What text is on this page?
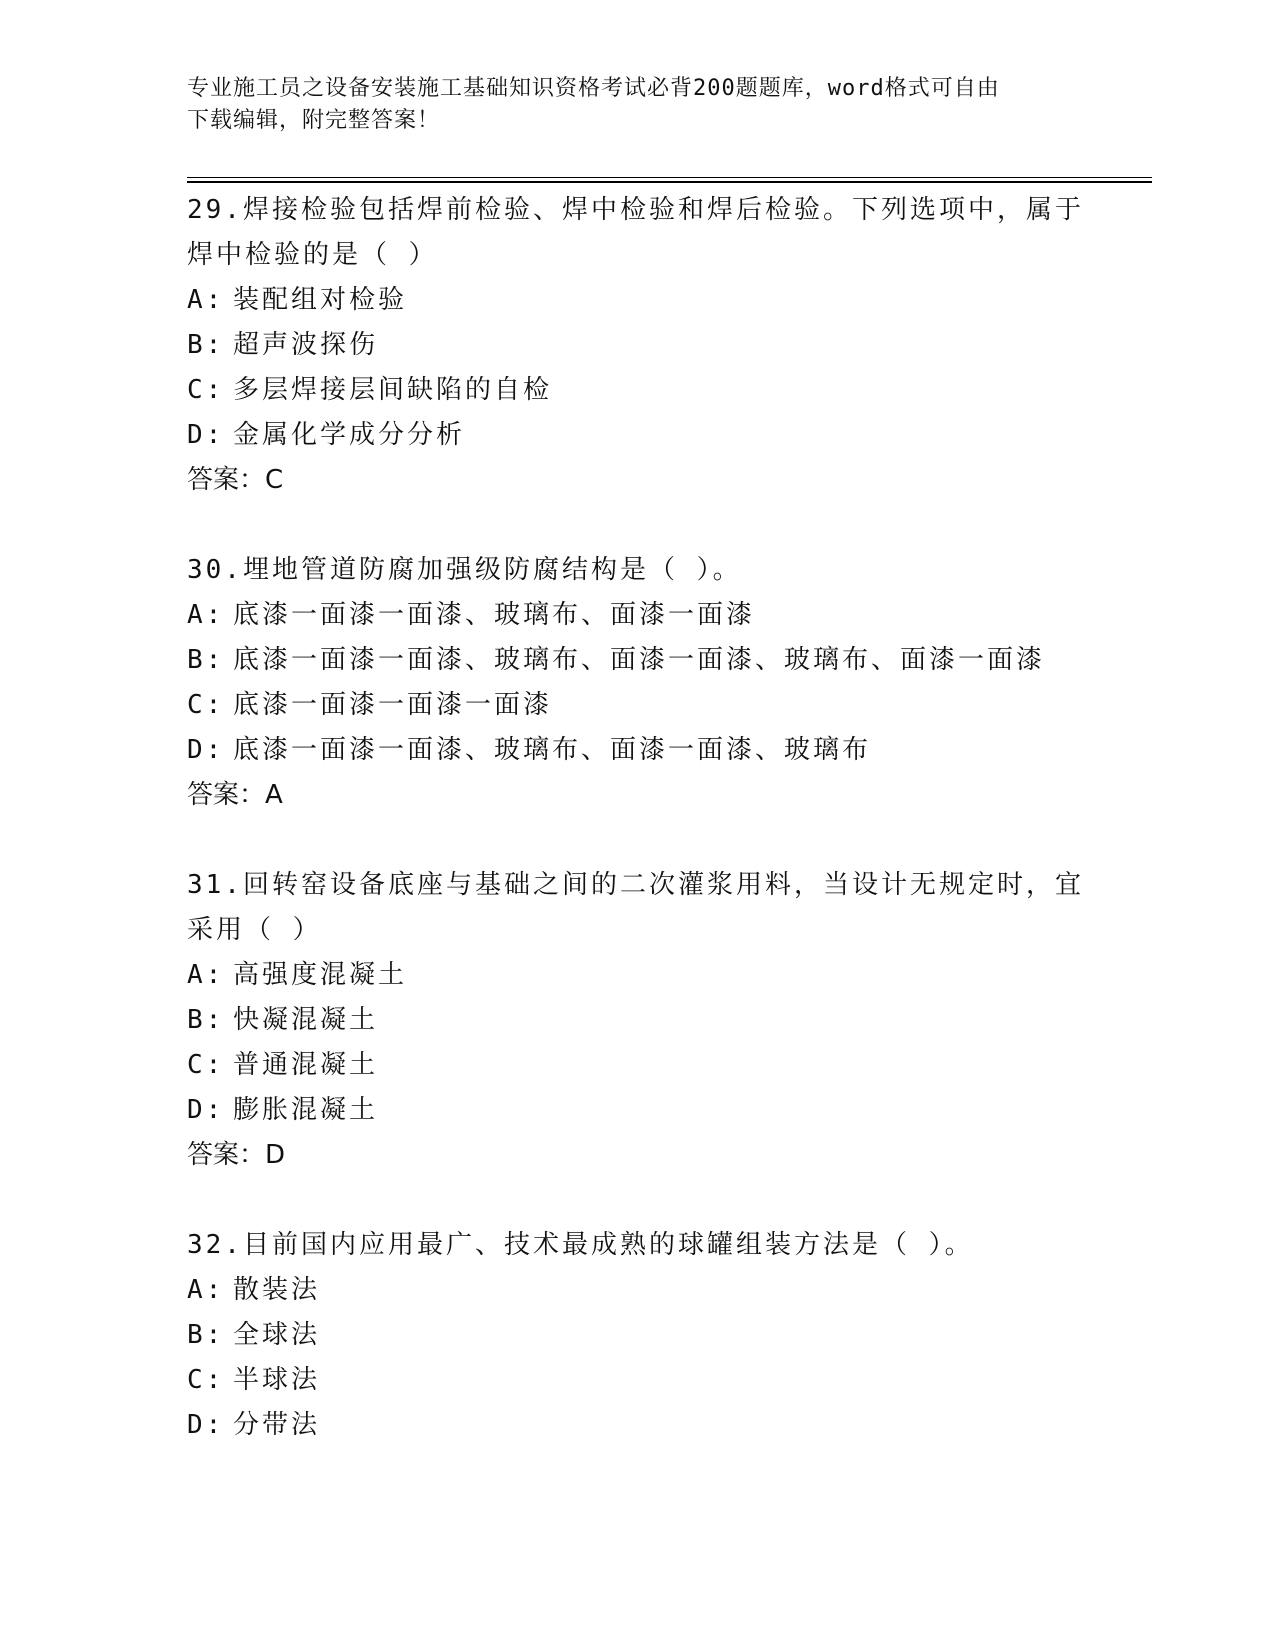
专业施工员之设备安装施工基础知识资格考试必背200题题库，word格式可自由
下载编辑，附完整答案！

29.焊接检验包括焊前检验、焊中检验和焊后检验。下列选项中，属于

焊中检验的是（ ）

A: 装配组对检验

B: 超声波探伤

C: 多层焊接层间缺陷的自检

D: 金属化学成分分析

答案：C

30.埋地管道防腐加强级防腐结构是（ ）。

A: 底漆一面漆一面漆、玻璃布、面漆一面漆

B: 底漆一面漆一面漆、玻璃布、面漆一面漆、玻璃布、面漆一面漆

C: 底漆一面漆一面漆一面漆

D: 底漆一面漆一面漆、玻璃布、面漆一面漆、玻璃布

答案：A

31.回转窑设备底座与基础之间的二次灌浆用料，当设计无规定时，宜

采用（ ）

A: 高强度混凝土

B: 快凝混凝土

C: 普通混凝土

D: 膨胀混凝土

答案：D

32.目前国内应用最广、技术最成熟的球罐组装方法是（ ）。

A: 散装法

B: 全球法

C: 半球法

D: 分带法
